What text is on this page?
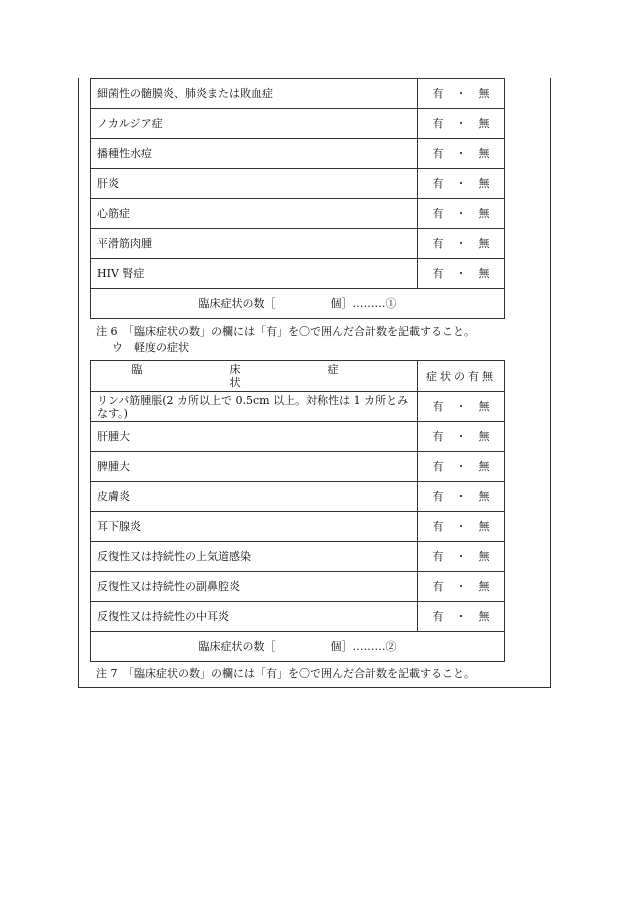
細菌性の髄膜炎、肺炎または敗血症	有 ・ 無
ノカルジア症	有 ・ 無
播種性水痘	有 ・ 無
肝炎	有 ・ 無
心筋症	有 ・ 無
平滑筋肉腫	有 ・ 無
HIV 腎症	有 ・ 無
臨床症状の数［　　　　　個］………①	
注 6　「臨床症状の数」の欄には「有」を〇で囲んだ合計数を記載すること。
ウ　軽度の症状
臨　床　症　状	症状の有無
リンパ筋腫脹(2 カ所以上で 0.5cm 以上。対称性は 1 カ所とみなす。)	有 ・ 無
肝腫大	有 ・ 無
脾腫大	有 ・ 無
皮膚炎	有 ・ 無
耳下腺炎	有 ・ 無
反復性又は持続性の上気道感染	有 ・ 無
反復性又は持続性の副鼻腔炎	有 ・ 無
反復性又は持続性の中耳炎	有 ・ 無
臨床症状の数［　　　　　個］………②	
注 7　「臨床症状の数」の欄には「有」を〇で囲んだ合計数を記載すること。
